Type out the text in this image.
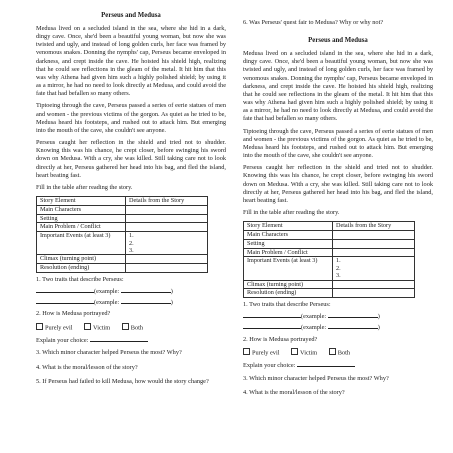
Perseus and Medusa

Medusa lived on a secluded island in the sea, where she hid in a dark, dingy cave. Once, she'd been a beautiful young woman, but now she was twisted and ugly, and instead of long golden curls, her face was framed by venomous snakes. Donning the nymphs' cap, Perseus became enveloped in darkness, and crept inside the cave. He hoisted his shield high, realizing that he could see reflections in the gleam of the metal. It hit him that this was why Athena had given him such a highly polished shield; by using it as a mirror, he had no need to look directly at Medusa, and could avoid the fate that had befallen so many others.

Tiptoeing through the cave, Perseus passed a series of eerie statues of men and women - the previous victims of the gorgon. As quiet as he tried to be, Medusa heard his footsteps, and rushed out to attack him. But emerging into the mouth of the cave, she couldn't see anyone.

Perseus caught her reflection in the shield and tried not to shudder. Knowing this was his chance, he crept closer, before swinging his sword down on Medusa. With a cry, she was killed. Still taking care not to look directly at her, Perseus gathered her head into his bag, and fled the island, heart beating fast.

Fill in the table after reading the story.

Story Element	Details from the Story
Main Characters	
Setting	
Main Problem / Conflict	
Important Events (at least 3)	1.
2.
3.

Climax (turning point)	
Resolution (ending)	
1. Two traits that describe Perseus:
(example:	)
(example:	)
2. How is Medusa portrayed?
Purely evil	Victim	Both
Explain your choice:
3. Which minor character helped Perseus the most? Why?
4. What is the moral/lesson of the story?
5. If Perseus had failed to kill Medusa, how would the story change?
6. Was Perseus' quest fair to Medusa? Why or why not?
Perseus and Medusa

Medusa lived on a secluded island in the sea, where she hid in a dark, dingy cave. Once, she'd been a beautiful young woman, but now she was twisted and ugly, and instead of long golden curls, her face was framed by venomous snakes. Donning the nymphs' cap, Perseus became enveloped in darkness, and crept inside the cave. He hoisted his shield high, realizing that he could see reflections in the gleam of the metal. It hit him that this was why Athena had given him such a highly polished shield; by using it as a mirror, he had no need to look directly at Medusa, and could avoid the fate that had befallen so many others.

Tiptoeing through the cave, Perseus passed a series of eerie statues of men and women - the previous victims of the gorgon. As quiet as he tried to be, Medusa heard his footsteps, and rushed out to attack him. But emerging into the mouth of the cave, she couldn't see anyone.

Perseus caught her reflection in the shield and tried not to shudder. Knowing this was his chance, he crept closer, before swinging his sword down on Medusa. With a cry, she was killed. Still taking care not to look directly at her, Perseus gathered her head into his bag, and fled the island, heart beating fast.

Fill in the table after reading the story.

Story Element	Details from the Story
Main Characters	
Setting	
Main Problem / Conflict	
Important Events (at least 3)	1.
2.
3.

Climax (turning point)	
Resolution (ending)	
1. Two traits that describe Perseus:
(example:	)
(example:	)
2. How is Medusa portrayed?
Purely evil	Victim	Both
Explain your choice:
3. Which minor character helped Perseus the most? Why?
4. What is the moral/lesson of the story?
